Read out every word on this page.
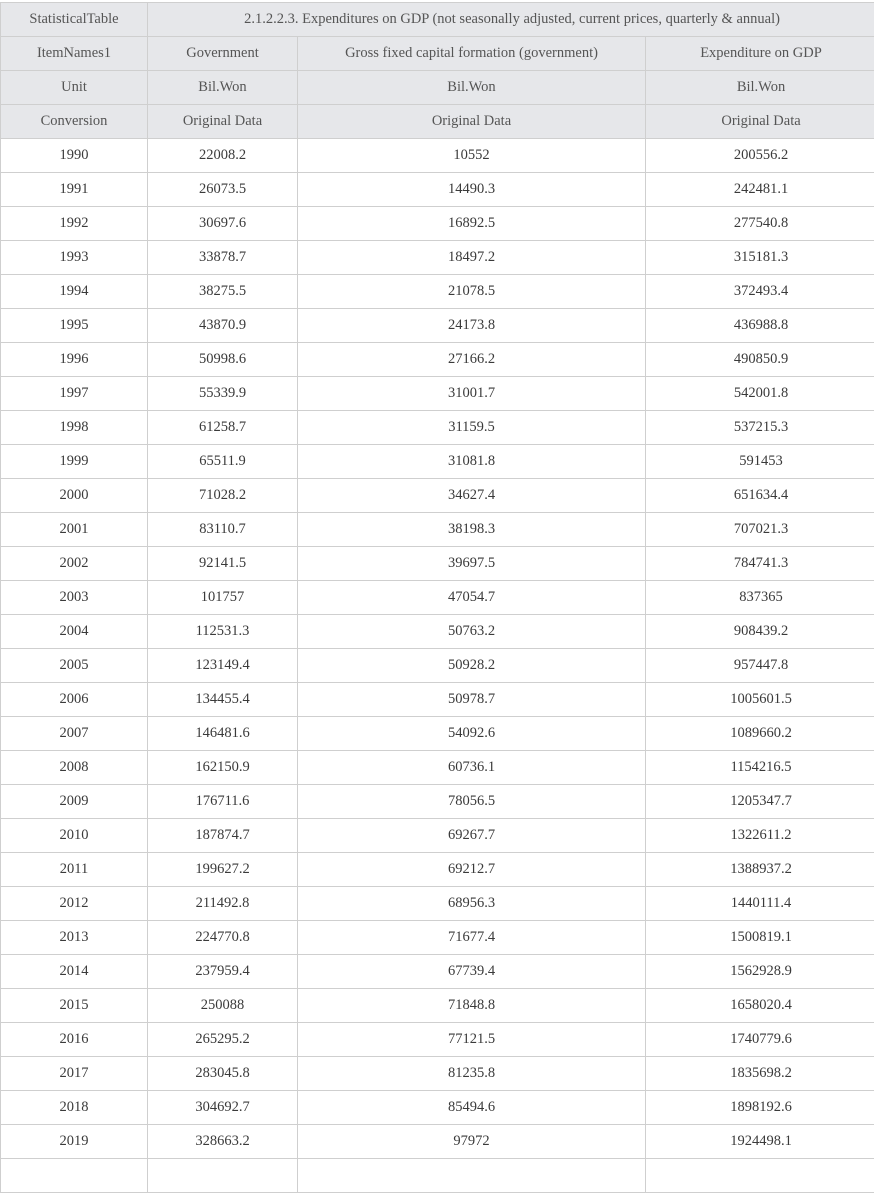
StatisticalTable	2.1.2.2.3. Expenditures on GDP (not seasonally adjusted, current prices, quarterly & annual)		
ItemNames1	Government	Gross fixed capital formation (government)	Expenditure on GDP
Unit	Bil.Won	Bil.Won	Bil.Won
Conversion	Original Data	Original Data	Original Data
1990	22008.2	10552	200556.2
1991	26073.5	14490.3	242481.1
1992	30697.6	16892.5	277540.8
1993	33878.7	18497.2	315181.3
1994	38275.5	21078.5	372493.4
1995	43870.9	24173.8	436988.8
1996	50998.6	27166.2	490850.9
1997	55339.9	31001.7	542001.8
1998	61258.7	31159.5	537215.3
1999	65511.9	31081.8	591453
2000	71028.2	34627.4	651634.4
2001	83110.7	38198.3	707021.3
2002	92141.5	39697.5	784741.3
2003	101757	47054.7	837365
2004	112531.3	50763.2	908439.2
2005	123149.4	50928.2	957447.8
2006	134455.4	50978.7	1005601.5
2007	146481.6	54092.6	1089660.2
2008	162150.9	60736.1	1154216.5
2009	176711.6	78056.5	1205347.7
2010	187874.7	69267.7	1322611.2
2011	199627.2	69212.7	1388937.2
2012	211492.8	68956.3	1440111.4
2013	224770.8	71677.4	1500819.1
2014	237959.4	67739.4	1562928.9
2015	250088	71848.8	1658020.4
2016	265295.2	77121.5	1740779.6
2017	283045.8	81235.8	1835698.2
2018	304692.7	85494.6	1898192.6
2019	328663.2	97972	1924498.1
